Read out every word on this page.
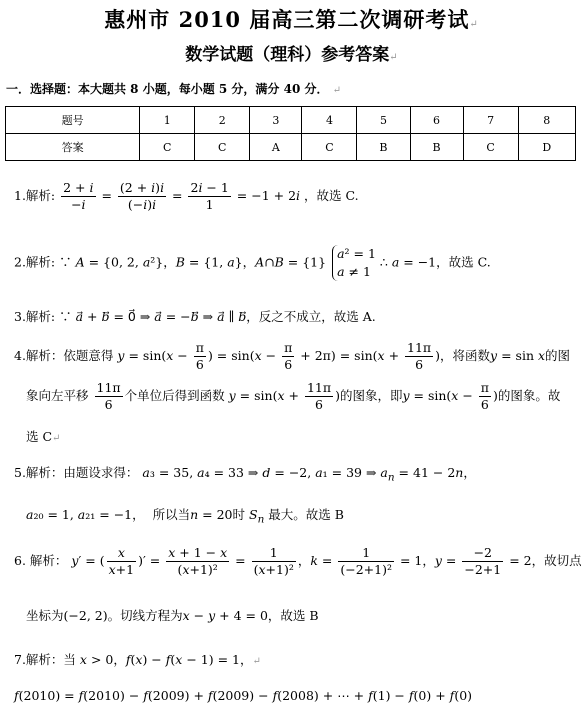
惠州市 2010 届高三第二次调研考试↵
数学试题（理科）参考答案↵
一．选择题：本大题共 8 小题，每小题 5 分，满分 40 分． ↵
题号	1	2	3	4	5	6	7	8
答案	C	C	A	C	B	B	C	D
1.解析: $\frac{2 + i}{-i} = \frac{(2 + i)i}{(-i)i} = \frac{2i - 1}{1} = -1 + 2i$ ，故选 C.
2.解析: ∵ A = {0, 2, a²}，B = {1, a}，A∩B = {1} a² = 1
a ≠ 1 ∴ a = −1，故选 C.
3.解析: ∵ a⃗ + b⃗ = 0⃗ ⇒ a⃗ = −b⃗ ⇒ a⃗ ∥ b⃗，反之不成立，故选 A.
4.解析：依题意得 $y = \sin(x - \frac{\pi}{6}$ ) = $\sin(x - \frac{\pi}{6} + 2\pi) = \sin(x + \frac{11\pi}{6}$ )，将函数y = sin x的图
象向左平移 $\frac{11\pi}{6}$ 个单位后得到函数 $y = \sin(x + \frac{11\pi}{6}$ )的图象，即$y = \sin(x - \frac{\pi}{6}$ )的图象。故
选 C↵
5.解析：由题设求得： a₃ = 35, a₄ = 33 ⇒ d = −2, a₁ = 39 ⇒ $a_n = 41 - 2n$，
a₂₀ = 1, a₂₁ = −1，  所以当n = 20时 $S_n$ 最大。故选 B
6. 解析： y′ = ( $\frac{x}{x+1}$ )′ = $\frac{x + 1 - x}{\text{(x+1)²}} = \frac{1}{\text{(x+1)²}}$ ，$k = \frac{1}{\text{(−2+1)²}} = 1$，$y = \frac{-2}{-2+1} = 2$，故切点
坐标为(−2, 2)。切线方程为x − y + 4 = 0，故选 B
7.解析：当 x > 0，f(x) − f(x − 1) = 1，↵
f(2010) = f(2010) − f(2009) + f(2009) − f(2008) + ⋯ + f(1) − f(0) + f(0)
